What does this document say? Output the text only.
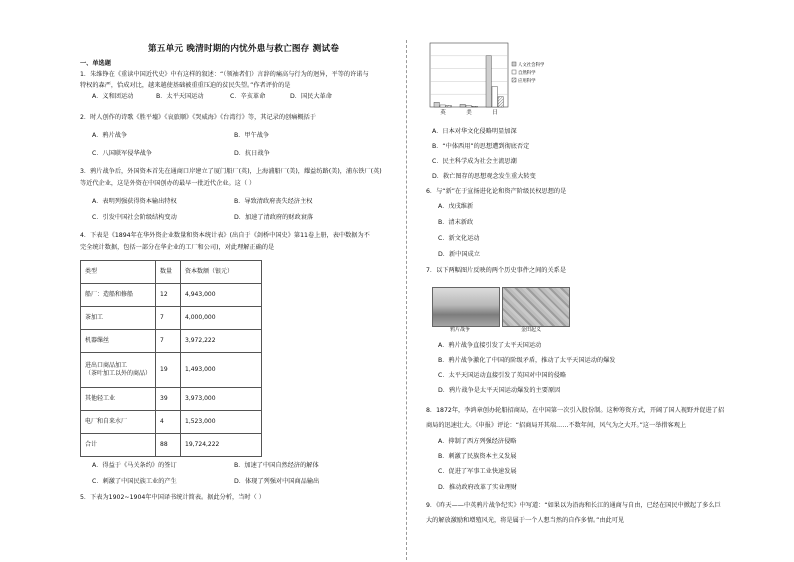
第五单元 晚清时期的内忧外患与救亡图存 测试卷
一、单选题
1．朱维铮在《重读中国近代史》中有这样的叙述：“（领袖者们）言辞的痛高与行为的迥异，平等的许诺与
特权的森严，恰成对比，越来越使基础被重重压迫的贫民失望。”作者评价的是
A．义和团运动	B．太平天国运动	C．辛亥革命	D．国民大革命
2．时人创作的诗歌《胜平墟》《哀旅顺》《哭威海》《台湾行》等，其记录的创痛概括于
A．鸦片战争	B．甲午战争
C．八国联军侵华战争	D．抗日战争
3．鸦片战争后，外国资本首先在通商口岸建立了厦门船厂(英)，上海浦船厂(美)，耀益纺路(美)，浦东铁厂(英)
等近代企业，这是外资在中国创办的最早一批近代企业。这（ ）
A．表明列强获得资本输出特权	B．导致清政府丧失经济主权
C．引发中国社会阶级结构变动	D．加速了清政府的财政衰落
4．下表是《1894年在华外资企业数量和资本统计表》(出自于《剑桥中国史》第11卷上册，表中数据为不
完全统计数据，包括一部分在华企业的工厂和公司)，对此理解正确的是
类型	数量	资本数额（银元）
船厂：造船和修船	12	4,943,000
茶加工	7	4,000,000
机器缫丝	7	3,972,222

进出口商品加工
（茶叶加工以外的商品）	19	1,493,000
其他轻工业	39	3,973,000
电厂和自来水厂	4	1,523,000
合计	88	19,724,222
A．得益于《马关条约》的签订	B．加速了中国自然经济的解体
C．刺激了中国民族工业的产生	D．体现了列强对中国商品输出
5．下表为1902~1904年中国译书统计简表。据此分析，当时（ ）
英	美	日
人文社会科学
自然科学
应用科学
A．日本对华文化侵略明显加深
B．“中体西用”的思想遭到彻底否定
C．民主科学成为社会主流思潮
D．救亡图存的思想观念发生重大转变
6．与“新”在于宣扬进化论和资产阶级民权思想的是
A．戊戌维新
B．清末新政
C．新文化运动
D．新中国成立
7．以下两幅图片反映的两个历史事件之间的关系是
鸦片战争	金田起义
A．鸦片战争直接引发了太平天国运动
B．鸦片战争激化了中国的阶级矛盾，推动了太平天国运动的爆发
C．太平天国运动直接引发了英国对中国的侵略
D．鸦片战争是太平天国运动爆发的主要原因
8．1872年，李鸿章创办轮船招商局，在中国第一次引入股份制。这种筹资方式，开阔了国人视野并促进了招
商局的迅速壮大。《申报》评论：“招商局开其端……不数年间，风气为之大开。”这一举措客观上
A．抑制了西方列强经济侵略
B．刺激了民族资本主义发展
C．促进了军事工业快速发展
D．推动政府改革了实业理财
9．《昨天——中英鸦片战争纪实》中写道：“如果以为沿海和长江的通商与自由，已经在国民中掀起了多么巨
大的解放激励和增殖风光，将是属于一个人想当然的自作多情。”由此可见
